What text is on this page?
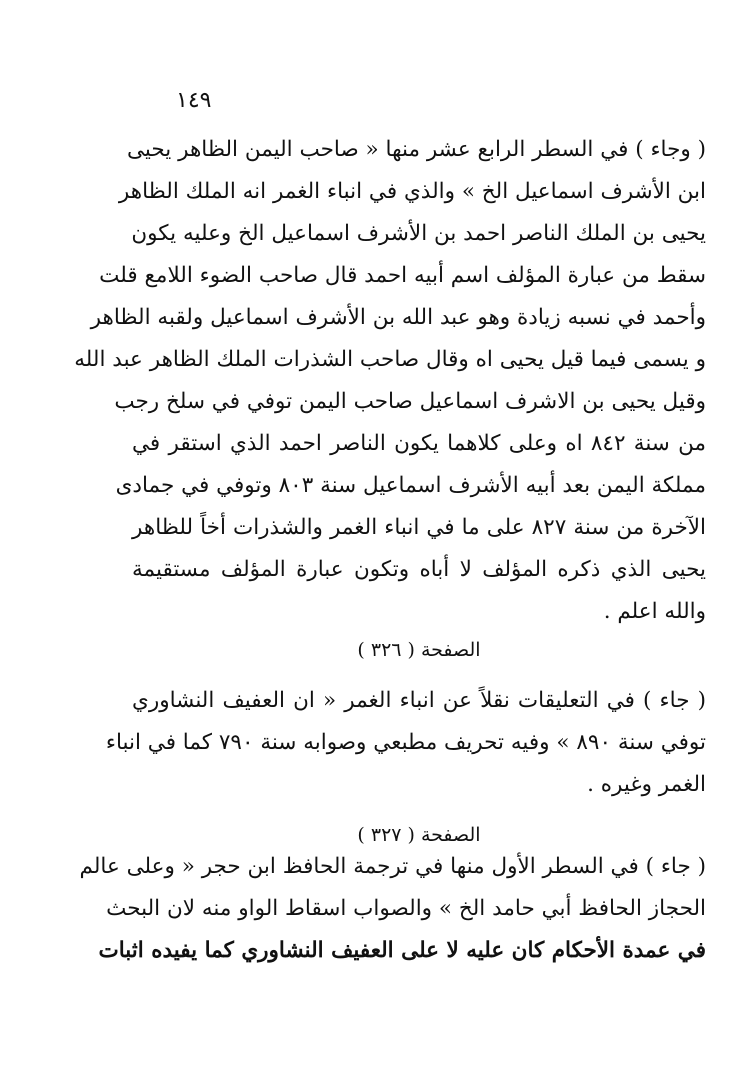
١٤٩
( وجاء ) في السطر الرابع عشر منها « صاحب اليمن الظاهر يحيى
ابن الأشرف اسماعيل الخ » والذي في انباء الغمر انه الملك الظاهر
يحيى بن الملك الناصر احمد بن الأشرف اسماعيل الخ وعليه يكون
سقط من عبارة المؤلف اسم أبيه احمد قال صاحب الضوء اللامع قلت
وأحمد في نسبه زيادة وهو عبد الله بن الأشرف اسماعيل ولقبه الظاهر
و يسمى فيما قيل يحيى اه وقال صاحب الشذرات الملك الظاهر عبد الله
وقيل يحيى بن الاشرف اسماعيل صاحب اليمن توفي في سلخ رجب
من سنة ٨٤٢ اه وعلى كلاهما يكون الناصر احمد الذي استقر في
مملكة اليمن بعد أبيه الأشرف اسماعيل سنة ٨٠٣ وتوفي في جمادى
الآخرة من سنة ٨٢٧ على ما في انباء الغمر والشذرات أخاً للظاهر
يحيى الذي ذكره المؤلف لا أباه وتكون عبارة المؤلف مستقيمة
والله اعلم .
الصفحة ( ٣٢٦ )
( جاء ) في التعليقات نقلاً عن انباء الغمر « ان العفيف النشاوري
توفي سنة ٨٩٠ » وفيه تحريف مطبعي وصوابه سنة ٧٩٠ كما في انباء
الغمر وغيره .
الصفحة ( ٣٢٧ )
( جاء ) في السطر الأول منها في ترجمة الحافظ ابن حجر « وعلى عالم
الحجاز الحافظ أبي حامد الخ » والصواب اسقاط الواو منه لان البحث
في عمدة الأحكام كان عليه لا على العفيف النشاوري كما يفيده اثبات
